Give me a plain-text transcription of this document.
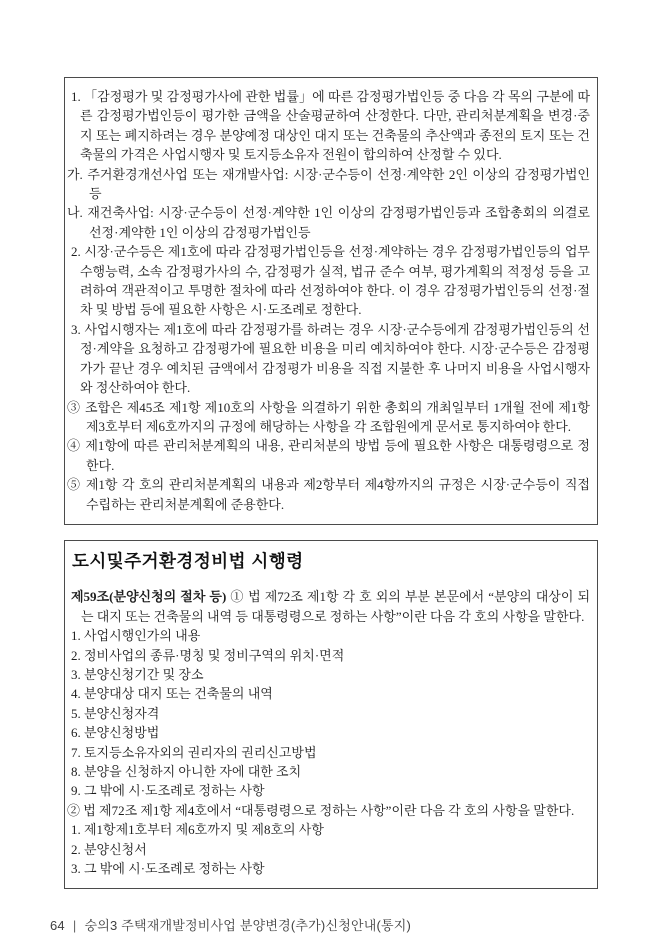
1. 「감정평가 및 감정평가사에 관한 법률」에 따른 감정평가법인등 중 다음 각 목의 구분에 따른 감정평가법인등이 평가한 금액을 산술평균하여 산정한다. 다만, 관리처분계획을 변경·중지 또는 폐지하려는 경우 분양예정 대상인 대지 또는 건축물의 추산액과 종전의 토지 또는 건축물의 가격은 사업시행자 및 토지등소유자 전원이 합의하여 산정할 수 있다.

가. 주거환경개선사업 또는 재개발사업: 시장·군수등이 선정·계약한 2인 이상의 감정평가법인등

나. 재건축사업: 시장·군수등이 선정·계약한 1인 이상의 감정평가법인등과 조합총회의 의결로 선정·계약한 1인 이상의 감정평가법인등

2. 시장·군수등은 제1호에 따라 감정평가법인등을 선정·계약하는 경우 감정평가법인등의 업무 수행능력, 소속 감정평가사의 수, 감정평가 실적, 법규 준수 여부, 평가계획의 적정성 등을 고려하여 객관적이고 투명한 절차에 따라 선정하여야 한다. 이 경우 감정평가법인등의 선정·절차 및 방법 등에 필요한 사항은 시·도조례로 정한다.

3. 사업시행자는 제1호에 따라 감정평가를 하려는 경우 시장·군수등에게 감정평가법인등의 선정·계약을 요청하고 감정평가에 필요한 비용을 미리 예치하여야 한다. 시장·군수등은 감정평가가 끝난 경우 예치된 금액에서 감정평가 비용을 직접 지불한 후 나머지 비용을 사업시행자와 정산하여야 한다.

③ 조합은 제45조 제1항 제10호의 사항을 의결하기 위한 총회의 개최일부터 1개월 전에 제1항 제3호부터 제6호까지의 규정에 해당하는 사항을 각 조합원에게 문서로 통지하여야 한다.

④ 제1항에 따른 관리처분계획의 내용, 관리처분의 방법 등에 필요한 사항은 대통령령으로 정한다.

⑤ 제1항 각 호의 관리처분계획의 내용과 제2항부터 제4항까지의 규정은 시장·군수등이 직접 수립하는 관리처분계획에 준용한다.

도시및주거환경정비법 시행령

제59조(분양신청의 절차 등) ① 법 제72조 제1항 각 호 외의 부분 본문에서 “분양의 대상이 되는 대지 또는 건축물의 내역 등 대통령령으로 정하는 사항”이란 다음 각 호의 사항을 말한다.

1. 사업시행인가의 내용

2. 정비사업의 종류·명칭 및 정비구역의 위치·면적

3. 분양신청기간 및 장소

4. 분양대상 대지 또는 건축물의 내역

5. 분양신청자격

6. 분양신청방법

7. 토지등소유자외의 권리자의 권리신고방법

8. 분양을 신청하지 아니한 자에 대한 조치

9. 그 밖에 시·도조례로 정하는 사항

② 법 제72조 제1항 제4호에서 “대통령령으로 정하는 사항”이란 다음 각 호의 사항을 말한다.

1. 제1항제1호부터 제6호까지 및 제8호의 사항

2. 분양신청서

3. 그 밖에 시·도조례로 정하는 사항

64 | 숭의3 주택재개발정비사업 분양변경(추가)신청안내(통지)
